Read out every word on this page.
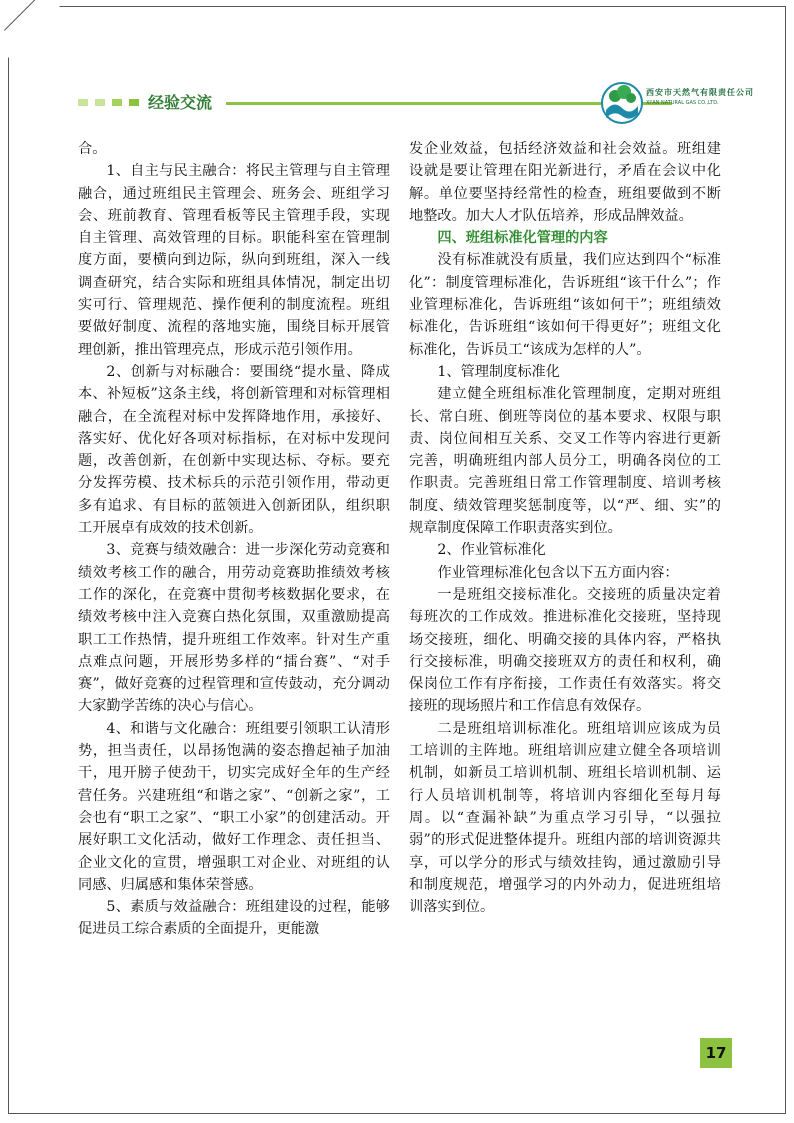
经验交流
西安市天然气有限责任公司
XI'AN NATURAL GAS CO.,LTD.

合。

1、自主与民主融合：将民主管理与自主管理融合，通过班组民主管理会、班务会、班组学习会、班前教育、管理看板等民主管理手段，实现自主管理、高效管理的目标。职能科室在管理制度方面，要横向到边际，纵向到班组，深入一线调查研究，结合实际和班组具体情况，制定出切实可行、管理规范、操作便利的制度流程。班组要做好制度、流程的落地实施，围绕目标开展管理创新，推出管理亮点，形成示范引领作用。

2、创新与对标融合：要围绕“提水量、降成本、补短板”这条主线，将创新管理和对标管理相融合，在全流程对标中发挥降地作用，承接好、落实好、优化好各项对标指标，在对标中发现问题，改善创新，在创新中实现达标、夺标。要充分发挥劳模、技术标兵的示范引领作用，带动更多有追求、有目标的蓝领进入创新团队，组织职工开展卓有成效的技术创新。

3、竞赛与绩效融合：进一步深化劳动竞赛和绩效考核工作的融合，用劳动竞赛助推绩效考核工作的深化，在竞赛中贯彻考核数据化要求，在绩效考核中注入竞赛白热化氛围，双重激励提高职工工作热情，提升班组工作效率。针对生产重点难点问题，开展形势多样的“擂台赛”、“对手赛”，做好竞赛的过程管理和宣传鼓动，充分调动大家勤学苦练的决心与信心。

4、和谐与文化融合：班组要引领职工认清形势，担当责任，以昂扬饱满的姿态撸起袖子加油干，甩开膀子使劲干，切实完成好全年的生产经营任务。兴建班组“和谐之家”、“创新之家”，工会也有“职工之家”、“职工小家”的创建活动。开展好职工文化活动，做好工作理念、责任担当、企业文化的宣贯，增强职工对企业、对班组的认同感、归属感和集体荣誉感。

5、素质与效益融合：班组建设的过程，能够促进员工综合素质的全面提升，更能激

发企业效益，包括经济效益和社会效益。班组建设就是要让管理在阳光新进行，矛盾在会议中化解。单位要坚持经常性的检查，班组要做到不断地整改。加大人才队伍培养，形成品牌效益。

四、班组标准化管理的内容

没有标准就没有质量，我们应达到四个“标准化”：制度管理标准化，告诉班组“该干什么”；作业管理标准化，告诉班组“该如何干”；班组绩效标准化，告诉班组“该如何干得更好”；班组文化标准化，告诉员工“该成为怎样的人”。

1、管理制度标准化

建立健全班组标准化管理制度，定期对班组长、常白班、倒班等岗位的基本要求、权限与职责、岗位间相互关系、交叉工作等内容进行更新完善，明确班组内部人员分工，明确各岗位的工作职责。完善班组日常工作管理制度、培训考核制度、绩效管理奖惩制度等，以“严、细、实”的规章制度保障工作职责落实到位。

2、作业管标准化

作业管理标准化包含以下五方面内容：

一是班组交接标准化。交接班的质量决定着每班次的工作成效。推进标准化交接班，坚持现场交接班，细化、明确交接的具体内容，严格执行交接标准，明确交接班双方的责任和权利，确保岗位工作有序衔接，工作责任有效落实。将交接班的现场照片和工作信息有效保存。

二是班组培训标准化。班组培训应该成为员工培训的主阵地。班组培训应建立健全各项培训机制，如新员工培训机制、班组长培训机制、运行人员培训机制等，将培训内容细化至每月每周。以“查漏补缺”为重点学习引导，“以强拉弱”的形式促进整体提升。班组内部的培训资源共享，可以学分的形式与绩效挂钩，通过激励引导和制度规范，增强学习的内外动力，促进班组培训落实到位。

17
